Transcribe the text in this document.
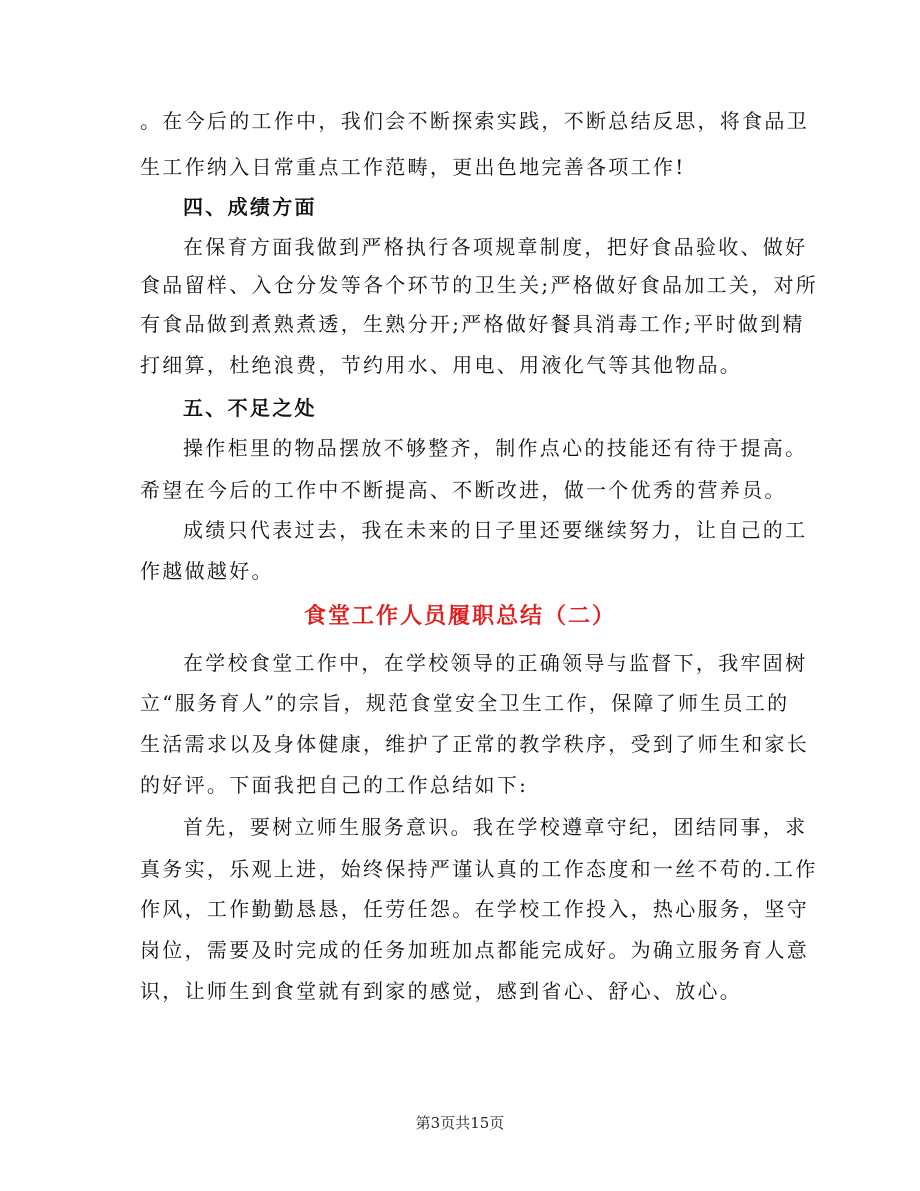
。在今后的工作中，我们会不断探索实践，不断总结反思，将食品卫
生工作纳入日常重点工作范畴，更出色地完善各项工作!
四、成绩方面
在保育方面我做到严格执行各项规章制度，把好食品验收、做好
食品留样、入仓分发等各个环节的卫生关;严格做好食品加工关，对所
有食品做到煮熟煮透，生熟分开;严格做好餐具消毒工作;平时做到精
打细算，杜绝浪费，节约用水、用电、用液化气等其他物品。
五、不足之处
操作柜里的物品摆放不够整齐，制作点心的技能还有待于提高。
希望在今后的工作中不断提高、不断改进，做一个优秀的营养员。
成绩只代表过去，我在未来的日子里还要继续努力，让自己的工
作越做越好。
食堂工作人员履职总结（二）
在学校食堂工作中，在学校领导的正确领导与监督下，我牢固树
立“服务育人”的宗旨，规范食堂安全卫生工作，保障了师生员工的
生活需求以及身体健康，维护了正常的教学秩序，受到了师生和家长
的好评。下面我把自己的工作总结如下:
首先，要树立师生服务意识。我在学校遵章守纪，团结同事，求
真务实，乐观上进，始终保持严谨认真的工作态度和一丝不苟的.工作
作风，工作勤勤恳恳，任劳任怨。在学校工作投入，热心服务，坚守
岗位，需要及时完成的任务加班加点都能完成好。为确立服务育人意
识，让师生到食堂就有到家的感觉，感到省心、舒心、放心。
第3页共15页
